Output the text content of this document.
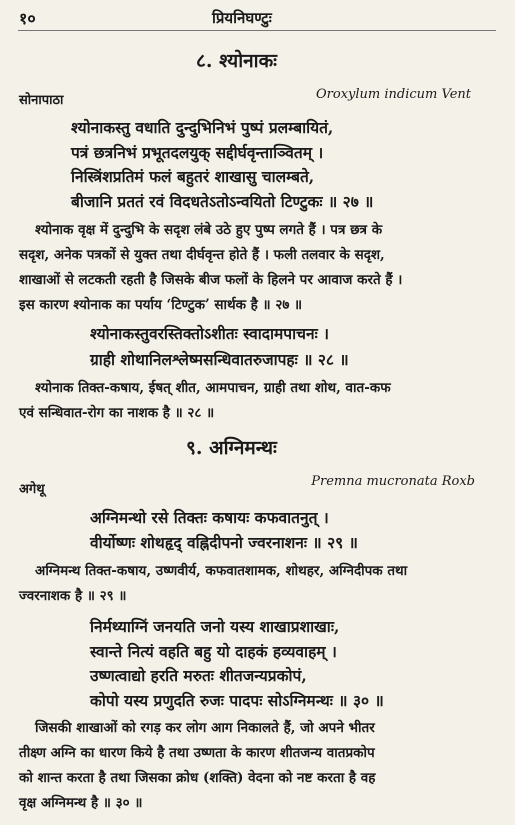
१०	प्रियनिघण्टुः
८. श्योनाकः
सोनापाठा	Oroxylum indicum Vent
श्योनाकस्तु वधाति दुन्दुभिनिभं पुष्पं प्रलम्बायितं,
पत्रं छत्रनिभं प्रभूतदलयुक् सद्दीर्घवृन्ताञ्वितम् ।
निस्त्रिंशप्रतिमं फलं बहुतरं शाखासु चालम्बते,
बीजानि प्रततं रवं विदधतेऽतोऽन्वयितो टिण्टुकः ॥ २७ ॥
श्योनाक वृक्ष में दुन्दुभि के सदृश लंबे उठे हुए पुष्प लगते हैं । पत्र छत्र के
सदृश, अनेक पत्रकों से युक्त तथा दीर्घवृन्त होते हैं । फली तलवार के सदृश,
शाखाओं से लटकती रहती है जिसके बीज फलों के हिलने पर आवाज करते हैं ।
इस कारण श्योनाक का पर्याय ‘टिण्टुक’ सार्थक है ॥ २७ ॥
श्योनाकस्तुवरस्तिक्तोऽशीतः स्वादामपाचनः ।
ग्राही शोथानिलश्लेष्मसन्धिवातरुजापहः ॥ २८ ॥
श्योनाक तिक्त-कषाय, ईषत् शीत, आमपाचन, ग्राही तथा शोथ, वात-कफ
एवं सन्धिवात-रोग का नाशक है ॥ २८ ॥
९. अग्निमन्थः
अगेथू
Premna mucronata Roxb
अग्निमन्थो रसे तिक्तः कषायः कफवातनुत् ।
वीर्योष्णः शोथहृद् वह्निदीपनो ज्वरनाशनः ॥ २९ ॥
अग्निमन्थ तिक्त-कषाय, उष्णवीर्य, कफवातशामक, शोथहर, अग्निदीपक तथा
ज्वरनाशक है ॥ २९ ॥
निर्मथ्याग्निं जनयति जनो यस्य शाखाप्रशाखाः,
स्वान्ते नित्यं वहति बहु यो दाहकं हव्यवाहम् ।
उष्णत्वाद्यो हरति मरुतः शीतजन्यप्रकोपं,
कोपो यस्य प्रणुदति रुजः पादपः सोऽग्निमन्थः ॥ ३० ॥
जिसकी शाखाओं को रगड़ कर लोग आग निकालते हैं, जो अपने भीतर
तीक्ष्ण अग्नि का धारण किये है तथा उष्णता के कारण शीतजन्य वातप्रकोप
को शान्त करता है तथा जिसका क्रोध (शक्ति) वेदना को नष्ट करता है वह
वृक्ष अग्निमन्थ है ॥ ३० ॥
